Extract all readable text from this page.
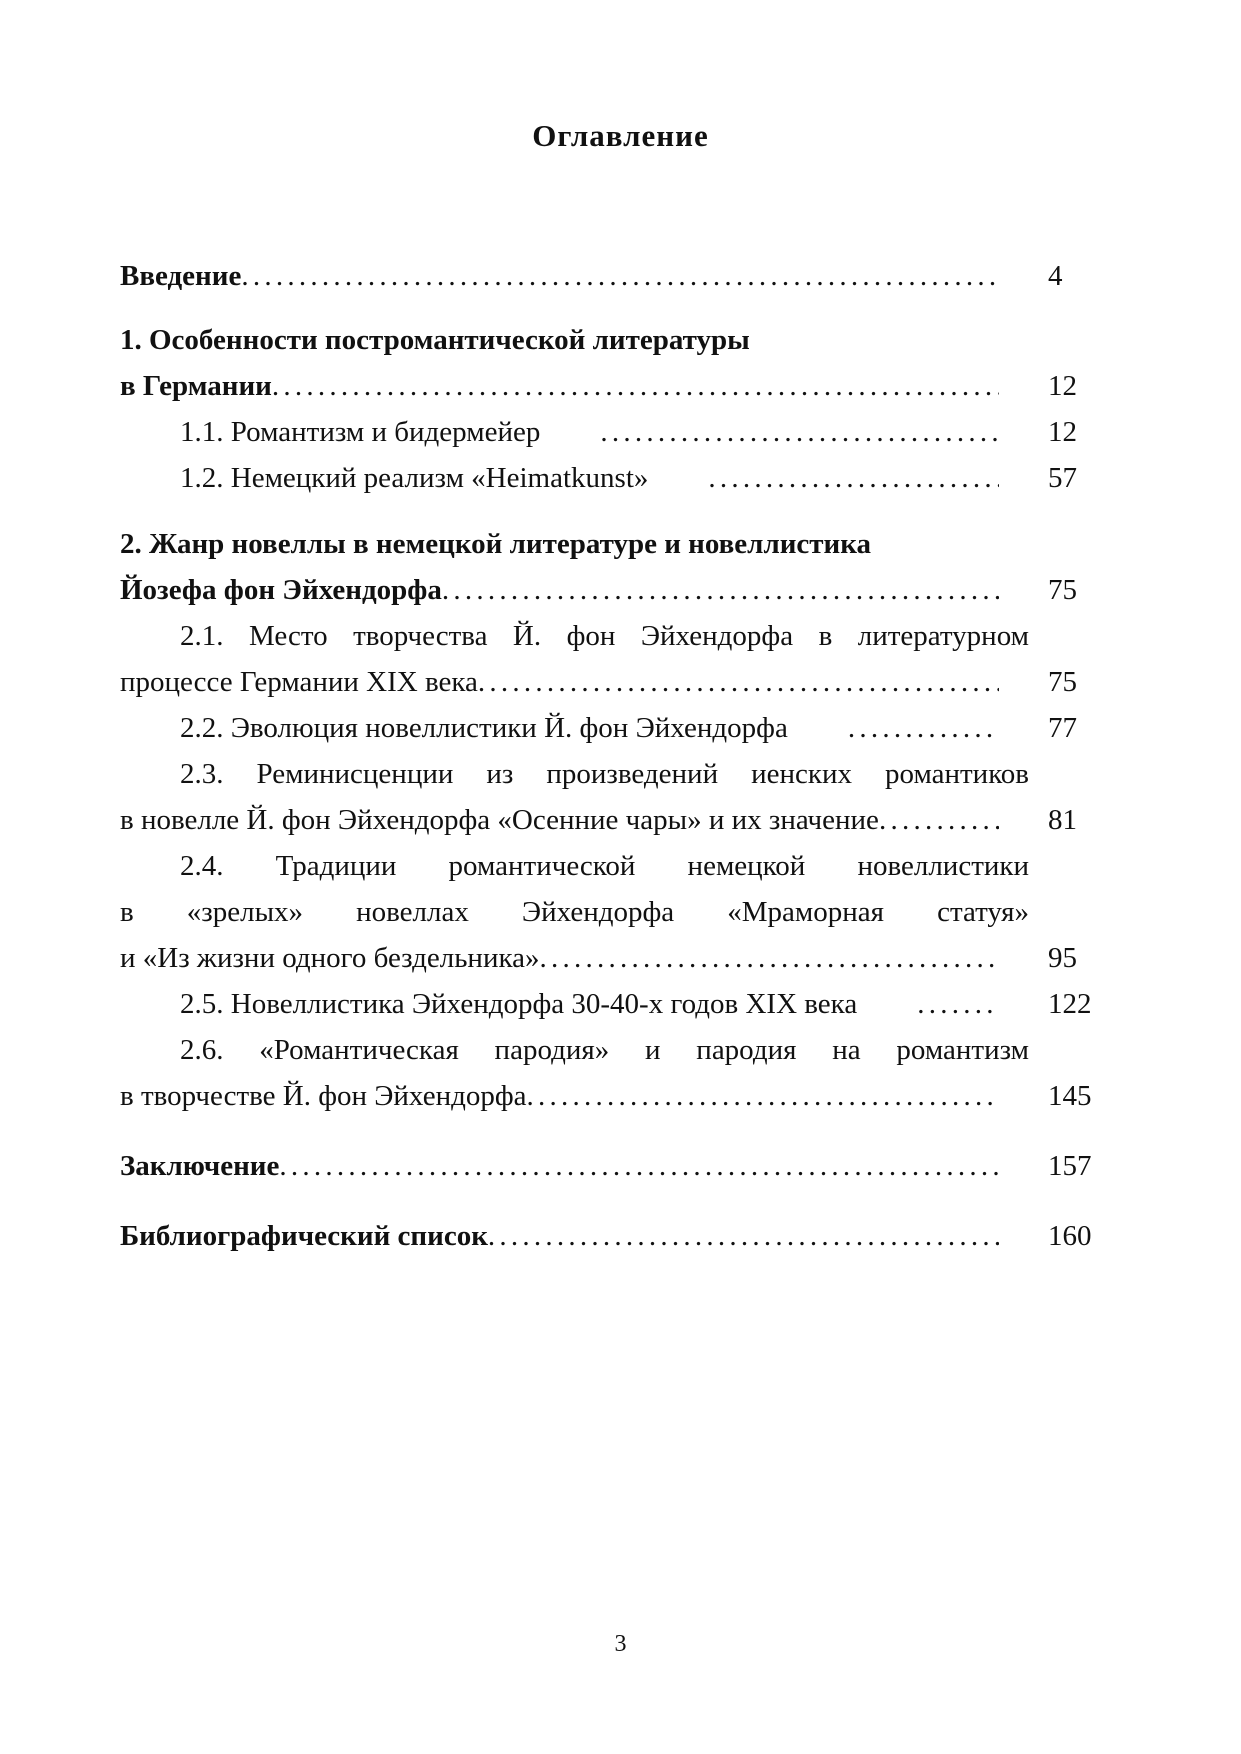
Оглавление
Введение . . .	4
1. Особенности постромантической литературы
в Германии . . .	12
1.1. Романтизм и бидермейер . . .	12
1.2. Немецкий реализм «Heimatkunst» . . .	57
2. Жанр новеллы в немецкой литературе и новеллистика
Йозефа фон Эйхендорфа . . .	75
2.1. Место творчества Й. фон Эйхендорфа в литературном
процессе Германии XIX века . . .	75
2.2. Эволюция новеллистики Й. фон Эйхендорфа . . .	77
2.3. Реминисценции из произведений иенских романтиков
в новелле Й. фон Эйхендорфа «Осенние чары» и их значение . . .	81
2.4. Традиции романтической немецкой новеллистики
в «зрелых» новеллах Эйхендорфа «Мраморная статуя»
и «Из жизни одного бездельника» . . .	95
2.5. Новеллистика Эйхендорфа 30-40-х годов XIX века . . .	122
2.6. «Романтическая пародия» и пародия на романтизм
в творчестве Й. фон Эйхендорфа . . .	145
Заключение . . .	157
Библиографический список . . .	160
3
